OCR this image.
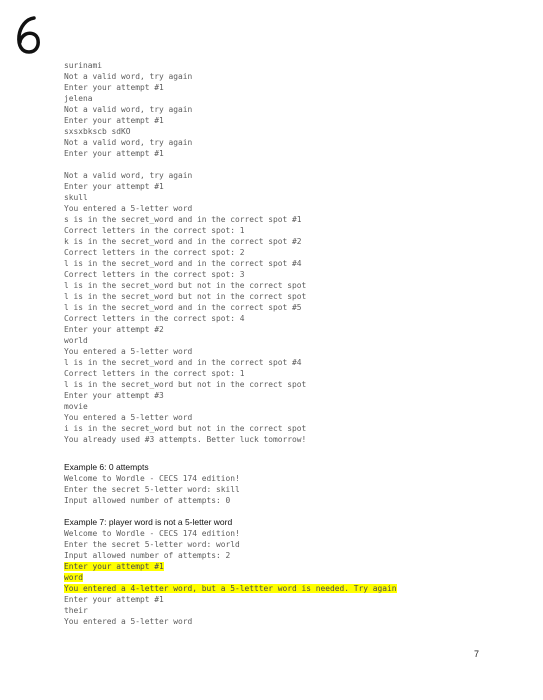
surinami
Not a valid word, try again
Enter your attempt #1
jelena
Not a valid word, try again
Enter your attempt #1
sxsxbkscb sdKO
Not a valid word, try again
Enter your attempt #1
Not a valid word, try again
Enter your attempt #1
skull
You entered a 5-letter word
s is in the secret_word and in the correct spot #1
Correct letters in the correct spot: 1
k is in the secret_word and in the correct spot #2
Correct letters in the correct spot: 2
l is in the secret_word and in the correct spot #4
Correct letters in the correct spot: 3
l is in the secret_word but not in the correct spot
l is in the secret_word but not in the correct spot
l is in the secret_word and in the correct spot #5
Correct letters in the correct spot: 4
Enter your attempt #2
world
You entered a 5-letter word
l is in the secret_word and in the correct spot #4
Correct letters in the correct spot: 1
l is in the secret_word but not in the correct spot
Enter your attempt #3
movie
You entered a 5-letter word
i is in the secret_word but not in the correct spot
You already used #3 attempts. Better luck tomorrow!
Example 6: 0 attempts
Welcome to Wordle - CECS 174 edition!
Enter the secret 5-letter word: skill
Input allowed number of attempts: 0
Example 7: player word is not a 5-letter word
Welcome to Wordle - CECS 174 edition!
Enter the secret 5-letter word: world
Input allowed number of attempts: 2
Enter your attempt #1
word
You entered a 4-letter word, but a 5-lettter word is needed. Try again
Enter your attempt #1
their
You entered a 5-letter word
7
